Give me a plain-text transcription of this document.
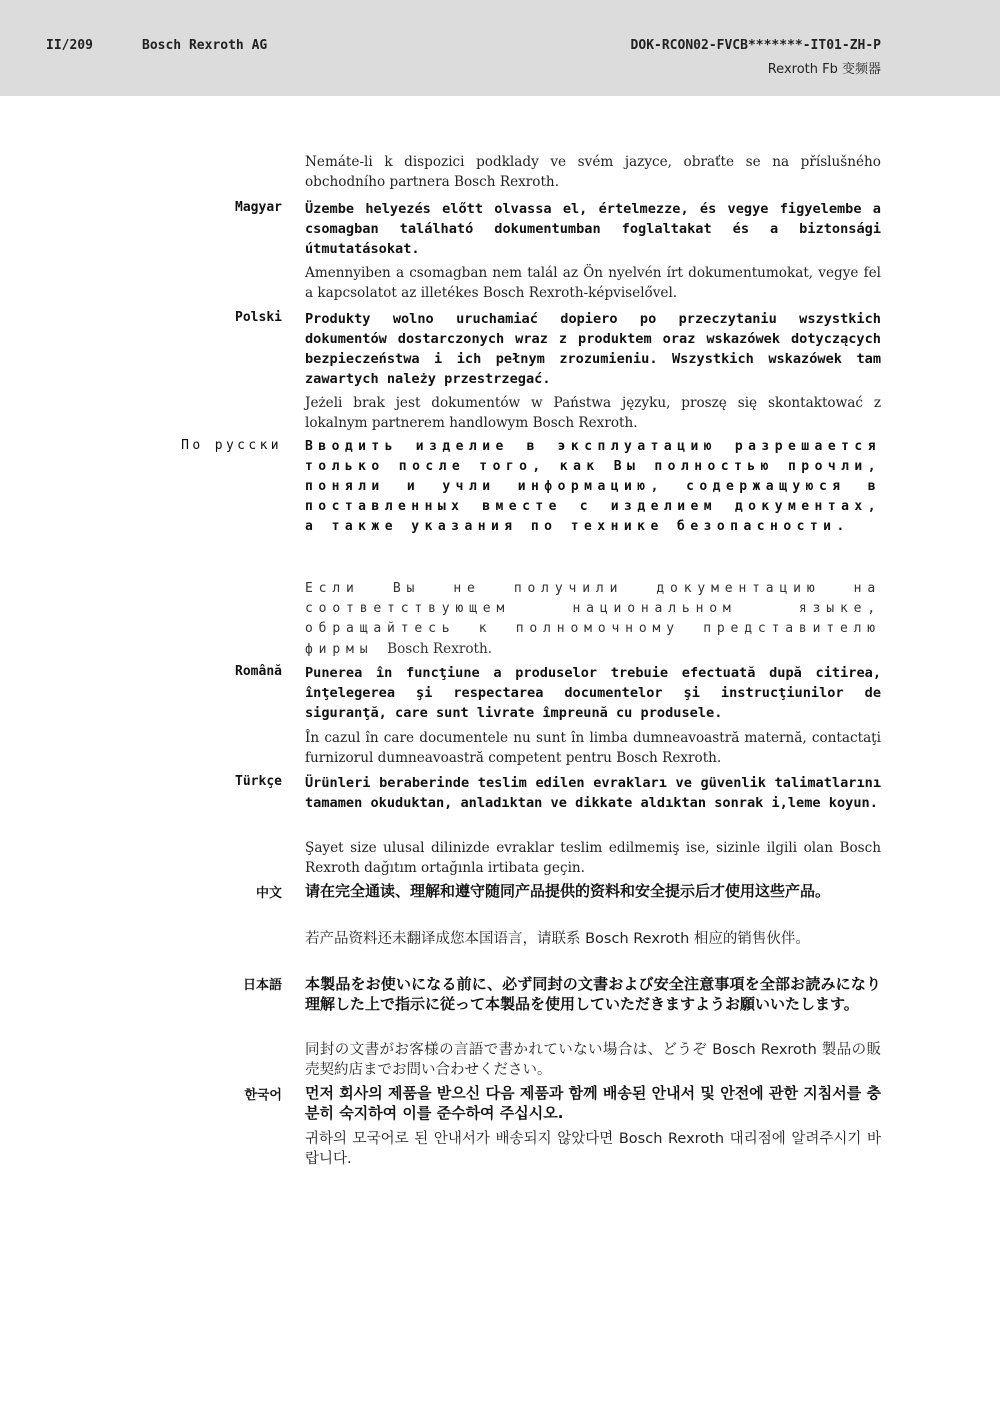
II/209	Bosch Rexroth AG	DOK-RCON02-FVCB*******-IT01-ZH-P
Rexroth Fb 变频器
Nemáte-li k dispozici podklady ve svém jazyce, obraťte se na příslušného obchodního partnera Bosch Rexroth.
Magyar Üzembe helyezés előtt olvassa el, értelmezze, és vegye figyelembe a csomagban található dokumentumban foglaltakat és a biztonsági útmutatásokat.
Amennyiben a csomagban nem talál az Ön nyelvén írt dokumentumokat, vegye fel a kapcsolatot az illetékes Bosch Rexroth-képviselővel.
Polski Produkty wolno uruchamiać dopiero po przeczytaniu wszystkich dokumentów dostarczonych wraz z produktem oraz wskazówek dotyczących bezpieczeństwa i ich pełnym zrozumieniu. Wszystkich wskazówek tam zawartych należy przestrzegać.
Jeżeli brak jest dokumentów w Państwa języku, proszę się skontaktować z lokalnym partnerem handlowym Bosch Rexroth.
По русски Вводить изделие в эксплуатацию разрешается только после того, как Вы полностью прочли, поняли и учли информацию, содержащуюся в поставленных вместе с изделием документах, а также указания по технике безопасности.
Если Вы не получили документацию на соответствующем национальном языке, обращайтесь к полномочному представителю фирмы Bosch Rexroth.
Română Punerea în funcţiune a produselor trebuie efectuată după citirea, înţelegerea şi respectarea documentelor şi instrucţiunilor de siguranţă, care sunt livrate împreună cu produsele.
În cazul în care documentele nu sunt în limba dumneavoastră maternă, contactaţi furnizorul dumneavoastră competent pentru Bosch Rexroth.
Türkçe Ürünleri beraberinde teslim edilen evrakları ve güvenlik talimatlarını tamamen okuduktan, anladıktan ve dikkate aldıktan sonrak i,leme koyun.
Şayet size ulusal dilinizde evraklar teslim edilmemiş ise, sizinle ilgili olan Bosch Rexroth dağıtım ortağınla irtibata geçin.
中文 请在完全通读、理解和遵守随同产品提供的资料和安全提示后才使用这些产品。
若产品资料还未翻译成您本国语言，请联系 Bosch Rexroth 相应的销售伙伴。
日本語 本製品をお使いになる前に、必ず同封の文書および安全注意事項を全部お読みになり理解した上で指示に従って本製品を使用していただきますようお願いいたします。
同封の文書がお客様の言語で書かれていない場合は、どうぞ Bosch Rexroth 製品の販売契約店までお問い合わせください。
한국어 먼저 회사의 제품을 받으신 다음 제품과 함께 배송된 안내서 및 안전에 관한 지침서를 충분히 숙지하여 이를 준수하여 주십시오.
귀하의 모국어로 된 안내서가 배송되지 않았다면 Bosch Rexroth 대리점에 알려주시기 바랍니다.
